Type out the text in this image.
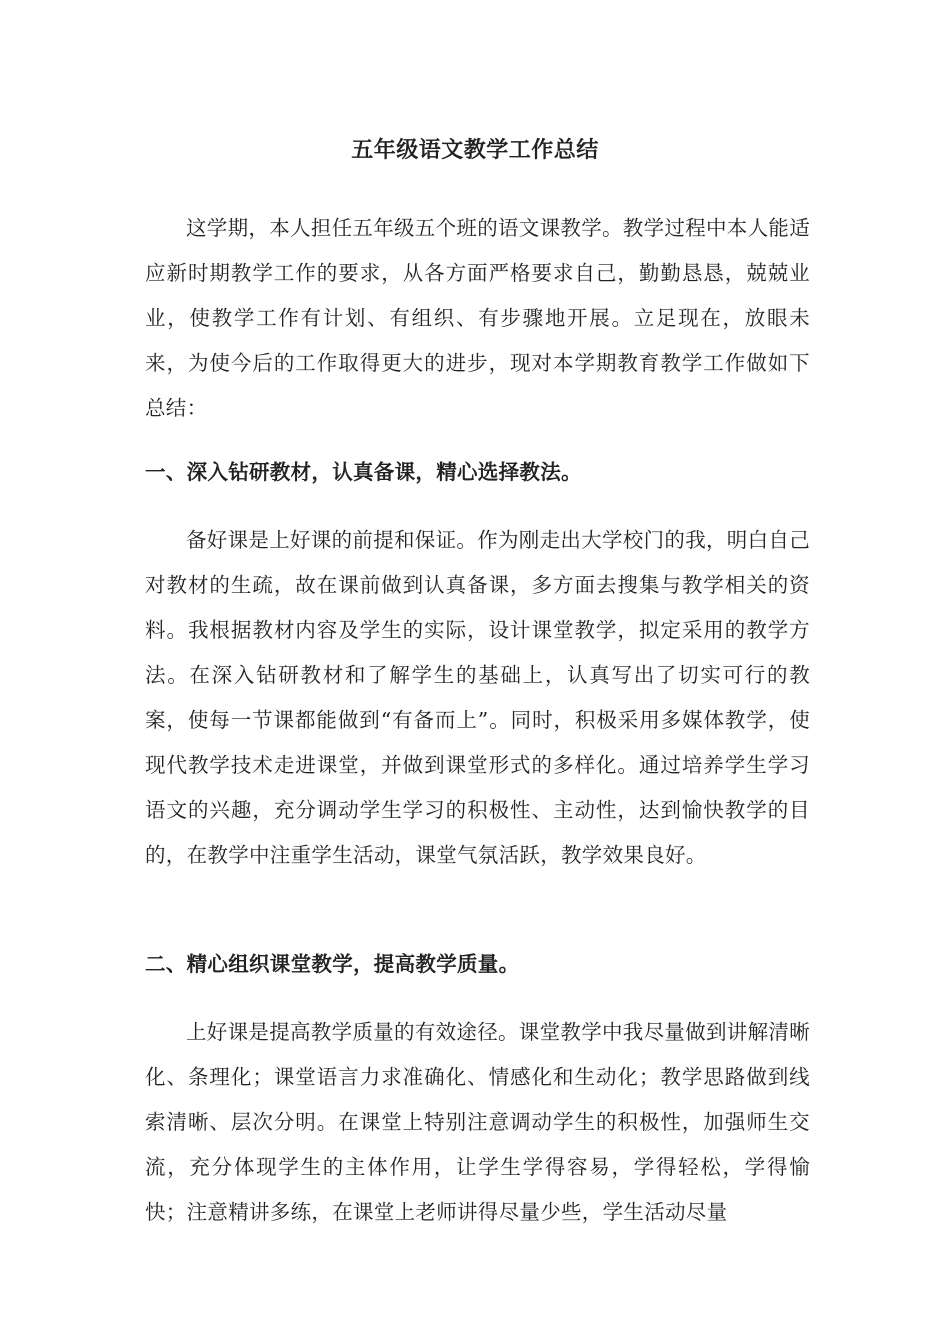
五年级语文教学工作总结

这学期，本人担任五年级五个班的语文课教学。教学过程中本人能适应新时期教学工作的要求，从各方面严格要求自己，勤勤恳恳，兢兢业业，使教学工作有计划、有组织、有步骤地开展。立足现在，放眼未来，为使今后的工作取得更大的进步，现对本学期教育教学工作做如下总结：

一、深入钻研教材，认真备课，精心选择教法。

备好课是上好课的前提和保证。作为刚走出大学校门的我，明白自己对教材的生疏，故在课前做到认真备课，多方面去搜集与教学相关的资料。我根据教材内容及学生的实际，设计课堂教学，拟定采用的教学方法。在深入钻研教材和了解学生的基础上，认真写出了切实可行的教案，使每一节课都能做到“有备而上”。同时，积极采用多媒体教学，使现代教学技术走进课堂，并做到课堂形式的多样化。通过培养学生学习语文的兴趣，充分调动学生学习的积极性、主动性，达到愉快教学的目的，在教学中注重学生活动，课堂气氛活跃，教学效果良好。

二、精心组织课堂教学，提高教学质量。

上好课是提高教学质量的有效途径。课堂教学中我尽量做到讲解清晰化、条理化；课堂语言力求准确化、情感化和生动化；教学思路做到线索清晰、层次分明。在课堂上特别注意调动学生的积极性，加强师生交流，充分体现学生的主体作用，让学生学得容易，学得轻松，学得愉快；注意精讲多练，在课堂上老师讲得尽量少些，学生活动尽量
